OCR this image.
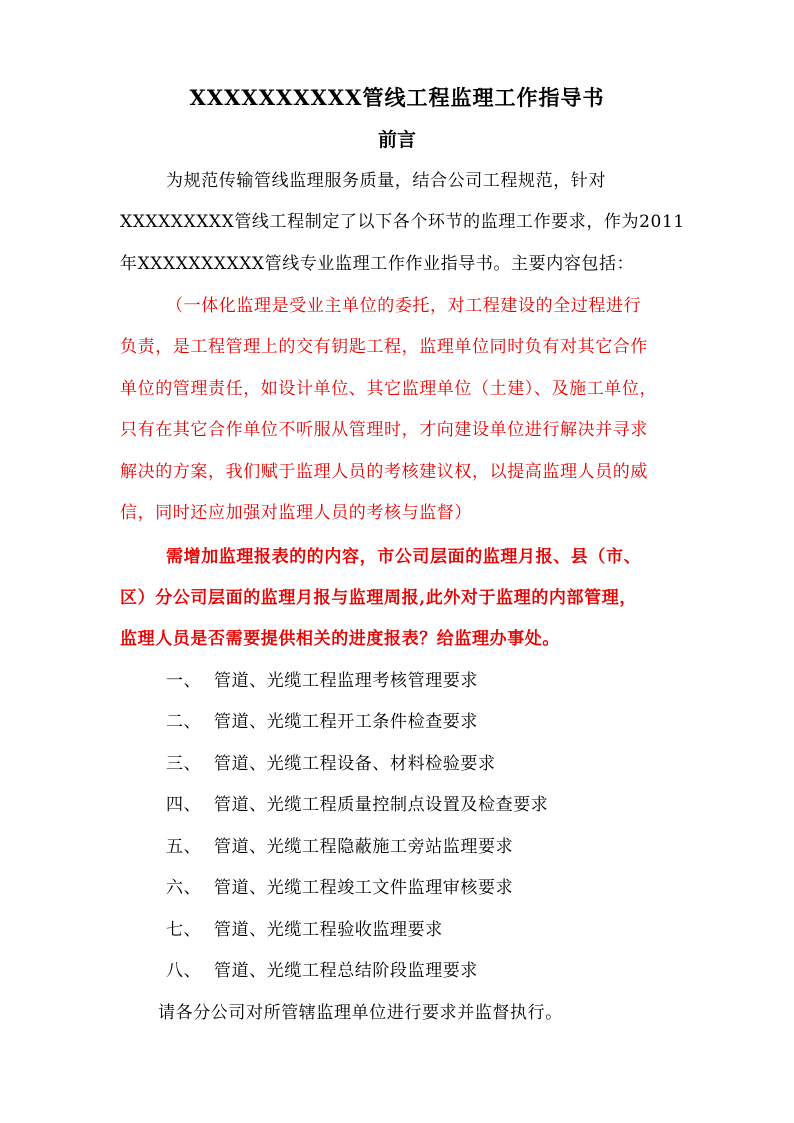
XXXXXXXXXX管线工程监理工作指导书
前言
为规范传输管线监理服务质量，结合公司工程规范，针对
XXXXXXXXX管线工程制定了以下各个环节的监理工作要求，作为2011
年XXXXXXXXXX管线专业监理工作作业指导书。主要内容包括：
（一体化监理是受业主单位的委托，对工程建设的全过程进行
负责，是工程管理上的交有钥匙工程，监理单位同时负有对其它合作
单位的管理责任，如设计单位、其它监理单位（土建）、及施工单位，
只有在其它合作单位不听服从管理时，才向建设单位进行解决并寻求
解决的方案，我们赋于监理人员的考核建议权，以提高监理人员的威
信，同时还应加强对监理人员的考核与监督）
需增加监理报表的的内容，市公司层面的监理月报、县（市、
区）分公司层面的监理月报与监理周报,此外对于监理的内部管理，
监理人员是否需要提供相关的进度报表？给监理办事处。
一、 管道、光缆工程监理考核管理要求
二、 管道、光缆工程开工条件检查要求
三、 管道、光缆工程设备、材料检验要求
四、 管道、光缆工程质量控制点设置及检查要求
五、 管道、光缆工程隐蔽施工旁站监理要求
六、 管道、光缆工程竣工文件监理审核要求
七、 管道、光缆工程验收监理要求
八、 管道、光缆工程总结阶段监理要求
请各分公司对所管辖监理单位进行要求并监督执行。
